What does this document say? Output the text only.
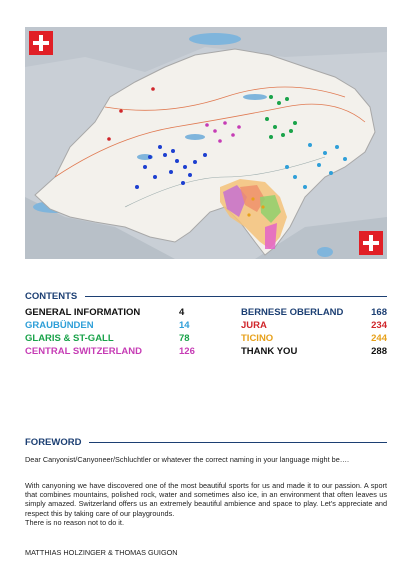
CONTENTS
GENERAL INFORMATION	4
GRAUBÜNDEN	14
GLARIS & ST-GALL	78
CENTRAL SWITZERLAND	126
BERNESE OBERLAND	168
JURA	234
TICINO	244
THANK YOU	288
FOREWORD

Dear Canyonist/Canyoneer/Schluchtler or whatever the correct naming in your language might be….

With canyoning we have discovered one of the most beautiful sports for us and made it to our passion. A sport that combines mountains, polished rock, water and sometimes also ice, in an environment that often leaves us simply amazed. Switzerland offers us an extremely beautiful ambience and space to play. Let's appreciate and respect this by taking care of our playgrounds.

There is no reason not to do it.

MATTHIAS HOLZINGER & THOMAS GUIGON
